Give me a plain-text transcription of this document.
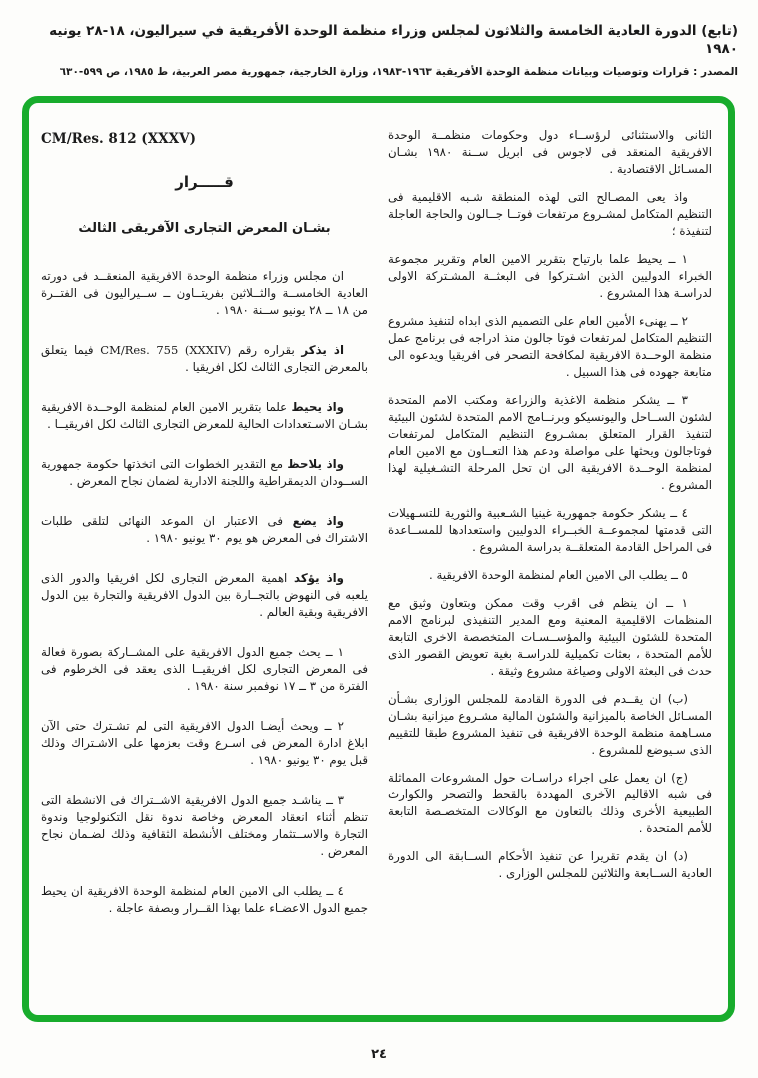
(تابع) الدورة العادية الخامسة والثلاثون لمجلس وزراء منظمة الوحدة الأفريقية في سيراليون، ١٨-٢٨ يونيه ١٩٨٠
المصدر : قرارات وتوصيات وبيانات منظمة الوحدة الأفريقية ١٩٦٣-١٩٨٣، وزارة الخارجية، جمهورية مصر العربية، ط ١٩٨٥، ص ٥٩٩-٦٣٠

الثانى والاستثنائى لرؤســاء دول وحكومات منظمــة الوحدة الافريقية المنعقد فى لاجوس فى ابريل ســنة ١٩٨٠ بشـان المسـائل الاقتصادية .

واذ يعى المصـالح التى لهذه المنطقة شـبه الاقليمية فى التنظيم المتكامل لمشـروع مرتفعات فوتــا جــالون والحاجة العاجلة لتنفيذة ؛

١ ــ يحيط علما بارتياح بتقرير الامين العام وتقرير مجموعة الخبراء الدوليين الذين اشـتركوا فى البعثــة المشـتركة الاولى لدراسـة هذا المشروع .

٢ ــ يهنىء الأمين العام على التصميم الذى ابداه لتنفيذ مشروع التنظيم المتكامل لمرتفعات فوتا جالون منذ ادراجه فى برنامج عمل منظمة الوحــدة الافريقية لمكافحة التصحر فى افريقيا ويدعوه الى متابعة جهوده فى هذا السبيل .

٣ ــ يشكر منظمة الاغذية والزراعة ومكتب الامم المتحدة لشئون الســاحل واليونسيكو وبرنــامج الامم المتحدة لشئون البيئية لتنفيذ القرار المتعلق بمشـروع التنظيم المتكامل لمرتفعات فوتاجالون ويحثها على مواصلة ودعم هذا التعــاون مع الامين العام لمنظمة الوحــدة الافريقية الى ان تحل المرحلة التشـغيلية لهذا المشروع .

٤ ــ يشكر حكومة جمهورية غينيا الشـعبية والثورية للتسـهيلات التى قدمتها لمجموعــة الخبــراء الدوليين واستعدادها للمســاعدة فى المراحل القادمة المتعلقــة بدراسة المشروع .

٥ ــ يطلب الى الامين العام لمنظمة الوحدة الافريقية .

١ ــ ان ينظم فى اقرب وقت ممكن وبتعاون وثيق مع المنظمات الاقليمية المعنية ومع المدير التنفيذى لبرنامج الامم المتحدة للشئون البيئية والمؤســسـات المتخصصة الاخرى التابعة للأمم المتحدة ، بعثات تكميلية للدراسـة بغية تعويض القصور الذى حدث فى البعثة الاولى وصياغة مشروع وثيقة .

(ب) ان يقــدم فى الدورة القادمة للمجلس الوزارى بشـأن المسـائل الخاصة بالميزانية والشئون المالية مشـروع ميزانية بشـان مسـاهمة منظمة الوحدة الافريقية فى تنفيذ المشروع طبقا للتقييم الذى سـيوضع للمشروع .

(ج) ان يعمل على اجراء دراسـات حول المشروعات المماثلة فى شبه الاقاليم الآخرى المهددة بالقحط والتصحر والكوارث الطبيعية الأخرى وذلك بالتعاون مع الوكالات المتخصـصة التابعة للأمم المتحدة .

(د) ان يقدم تقريرا عن تنفيذ الأحكام الســابقة الى الدورة العادية الســابعة والثلاثين للمجلس الوزارى .

CM/Res. 812 (XXXV)
قـــــرار
بشـان المعرض التجارى الآفريقى الثالث

ان مجلس وزراء منظمة الوحدة الافريقية المنعقــد فى دورته العادية الخامســة والثــلاثين بفريتــاون ــ ســيراليون فى الفتــرة من ١٨ ــ ٢٨ يونيو ســنة ١٩٨٠ .

اذ يذكر بقراره رقم CM/Res. 755 (XXXIV) فيما يتعلق بالمعرض التجارى الثالث لكل افريقيا .

واذ يحيط علما بتقرير الامين العام لمنظمة الوحــدة الافريقية بشـان الاسـتعدادات الحالية للمعرض التجارى الثالث لكل افريقيــا .

واذ يلاحظ مع التقدير الخطوات التى اتخذتها حكومة جمهورية الســودان الديمقراطية واللجنة الادارية لضمان نجاح المعرض .

واذ يضع فى الاعتبار ان الموعد النهائى لتلقى طلبات الاشتراك فى المعرض هو يوم ٣٠ يونيو ١٩٨٠ .

واذ يؤكد اهمية المعرض التجارى لكل افريقيا والدور الذى يلعبه فى النهوض بالتجــارة بين الدول الافريقية والتجارة بين الدول الافريقية وبقية العالم .

١ ــ يحث جميع الدول الافريقية على المشــاركة بصورة فعالة فى المعرض التجارى لكل افريقيــا الذى يعقد فى الخرطوم فى الفترة من ٣ ــ ١٧ نوفمبر سنة ١٩٨٠ .

٢ ــ ويحث أيضـا الدول الافريقية التى لم تشـترك حتى الآن ابلاغ ادارة المعرض فى اسـرع وقت بعزمها على الاشـتراك وذلك قبل يوم ٣٠ يونيو ١٩٨٠ .

٣ ــ يناشـد جميع الدول الافريقية الاشــتراك فى الانشطة التى تنظم أثناء انعقاد المعرض وخاصة ندوة نقل التكنولوجيا وندوة التجارة والاســتثمار ومختلف الأنشطة الثقافية وذلك لضـمان نجاح المعرض .

٤ ــ يطلب الى الامين العام لمنظمة الوحدة الافريقية ان يحيط جميع الدول الاعضـاء علما بهذا القــرار وبصفة عاجلة .

٢٤
